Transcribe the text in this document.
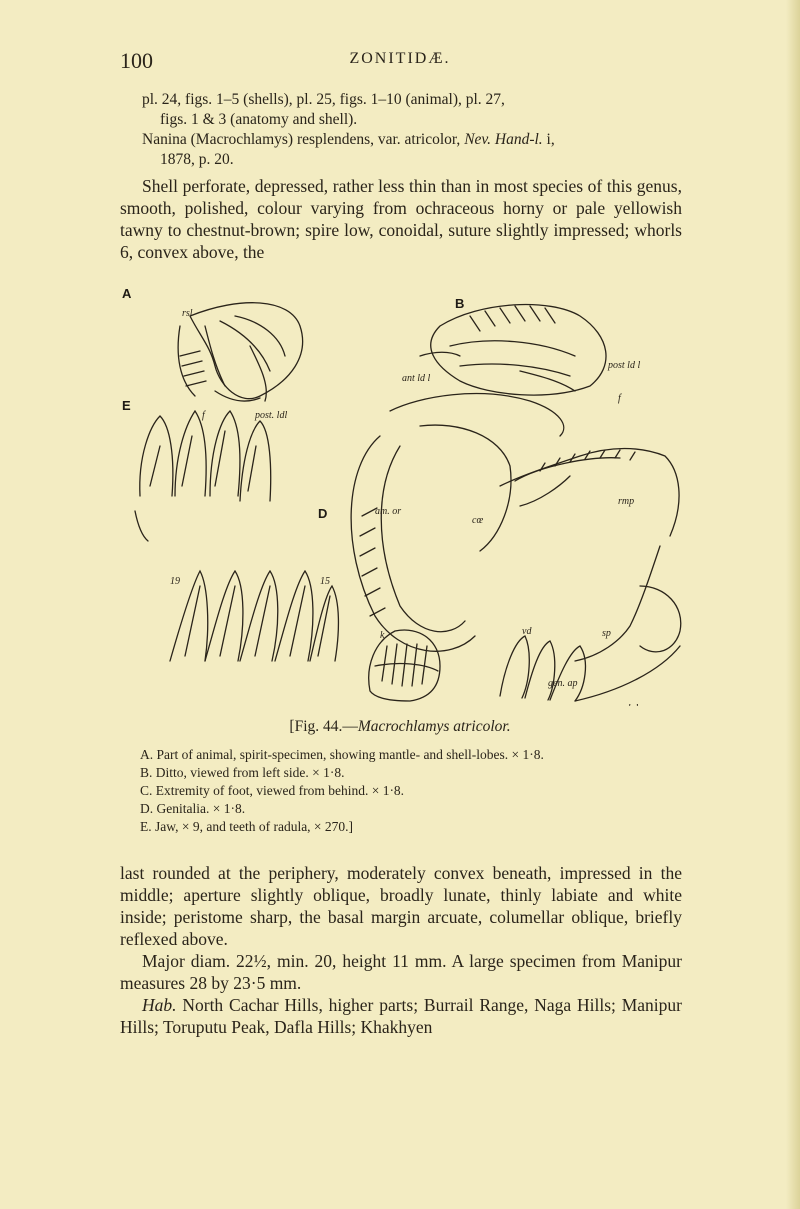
100	ZONITIDÆ.
pl. 24, figs. 1–5 (shells), pl. 25, figs. 1–10 (animal), pl. 27,
figs. 1 & 3 (anatomy and shell).
Nanina (Macrochlamys) resplendens, var. atricolor, Nev. Hand-l. i,
1878, p. 20.
Shell perforate, depressed, rather less thin than in most species of this genus, smooth, polished, colour varying from ochraceous horny or pale yellowish tawny to chestnut-brown; spire low, conoidal, suture slightly impressed; whorls 6, convex above, the
A
B
E
D
rsl
post. ldl
f
ant ld l
post ld l
f
am. or
cœ
rmp
k	vd	sp
gen. ap
15
19
[Fig. 44.—Macrochlamys atricolor.
A. Part of animal, spirit-specimen, showing mantle- and shell-lobes. × 1·8.
B. Ditto, viewed from left side. × 1·8.
C. Extremity of foot, viewed from behind. × 1·8.
D. Genitalia. × 1·8.
E. Jaw, × 9, and teeth of radula, × 270.]

last rounded at the periphery, moderately convex beneath, impressed in the middle; aperture slightly oblique, broadly lunate, thinly labiate and white inside; peristome sharp, the basal margin arcuate, columellar oblique, briefly reflexed above.

Major diam. 22½, min. 20, height 11 mm. A large specimen from Manipur measures 28 by 23·5 mm.

Hab. North Cachar Hills, higher parts; Burrail Range, Naga Hills; Manipur Hills; Toruputu Peak, Dafla Hills; Khakhyen
